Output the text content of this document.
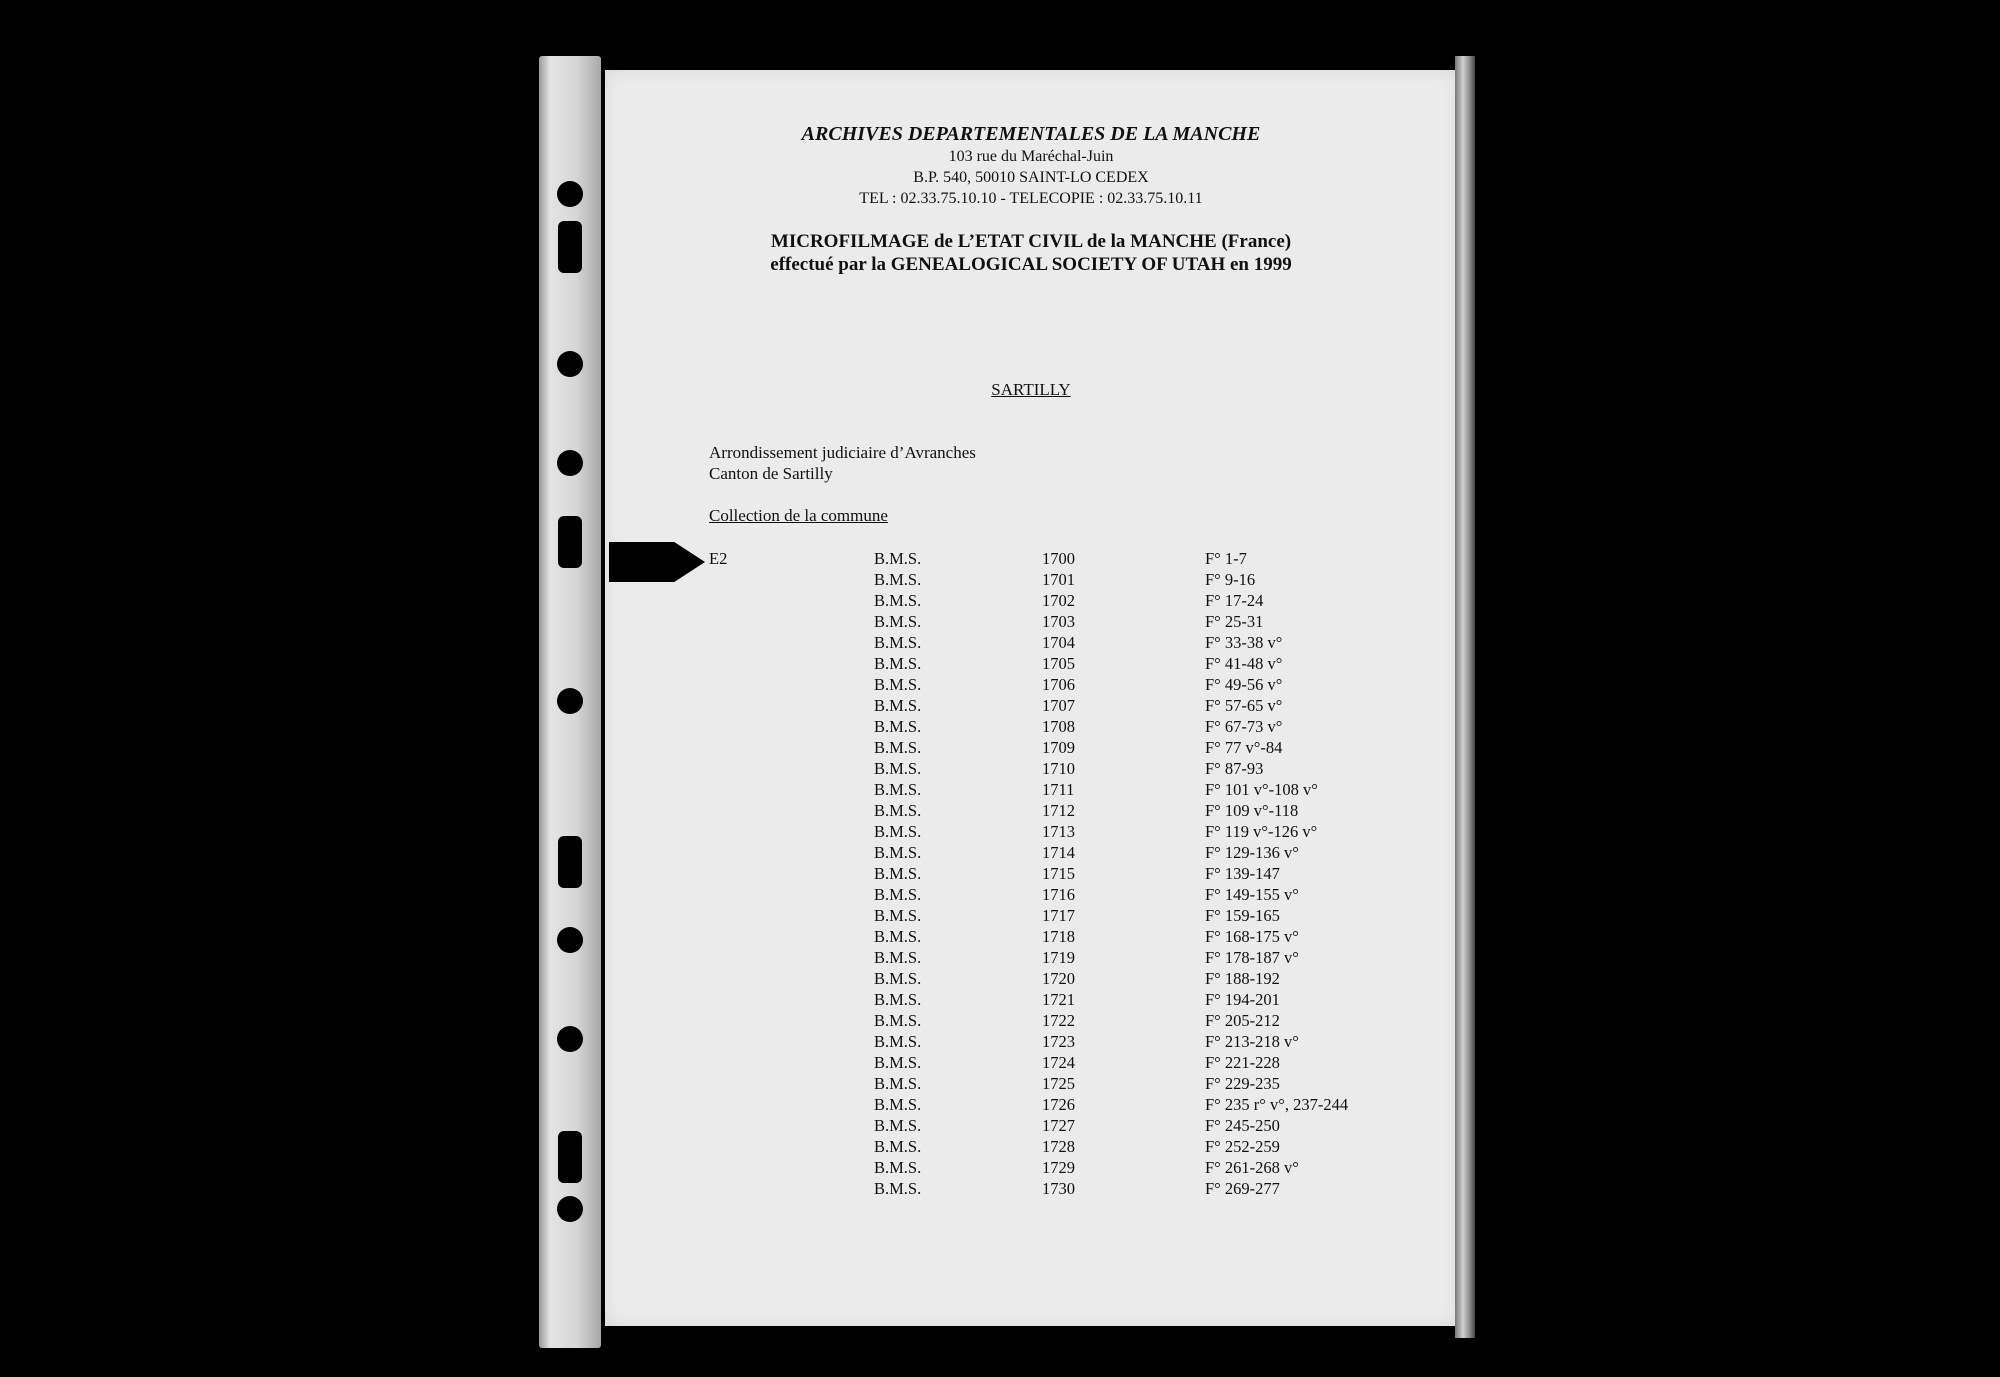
ARCHIVES DEPARTEMENTALES DE LA MANCHE

103 rue du Maréchal-Juin

B.P. 540, 50010 SAINT-LO CEDEX

TEL : 02.33.75.10.10 - TELECOPIE : 02.33.75.10.11

MICROFILMAGE de L’ETAT CIVIL de la MANCHE (France)
effectué par la GENEALOGICAL SOCIETY OF UTAH en 1999
SARTILLY
Arrondissement judiciaire d’Avranches
Canton de Sartilly
Collection de la commune
E2	B.M.S.	1700	F° 1-7
B.M.S.	1701	F° 9-16
B.M.S.	1702	F° 17-24
B.M.S.	1703	F° 25-31
B.M.S.	1704	F° 33-38 v°
B.M.S.	1705	F° 41-48 v°
B.M.S.	1706	F° 49-56 v°
B.M.S.	1707	F° 57-65 v°
B.M.S.	1708	F° 67-73 v°
B.M.S.	1709	F° 77 v°-84
B.M.S.	1710	F° 87-93
B.M.S.	1711	F° 101 v°-108 v°
B.M.S.	1712	F° 109 v°-118
B.M.S.	1713	F° 119 v°-126 v°
B.M.S.	1714	F° 129-136 v°
B.M.S.	1715	F° 139-147
B.M.S.	1716	F° 149-155 v°
B.M.S.	1717	F° 159-165
B.M.S.	1718	F° 168-175 v°
B.M.S.	1719	F° 178-187 v°
B.M.S.	1720	F° 188-192
B.M.S.	1721	F° 194-201
B.M.S.	1722	F° 205-212
B.M.S.	1723	F° 213-218 v°
B.M.S.	1724	F° 221-228
B.M.S.	1725	F° 229-235
B.M.S.	1726	F° 235 r° v°, 237-244
B.M.S.	1727	F° 245-250
B.M.S.	1728	F° 252-259
B.M.S.	1729	F° 261-268 v°
B.M.S.	1730	F° 269-277
